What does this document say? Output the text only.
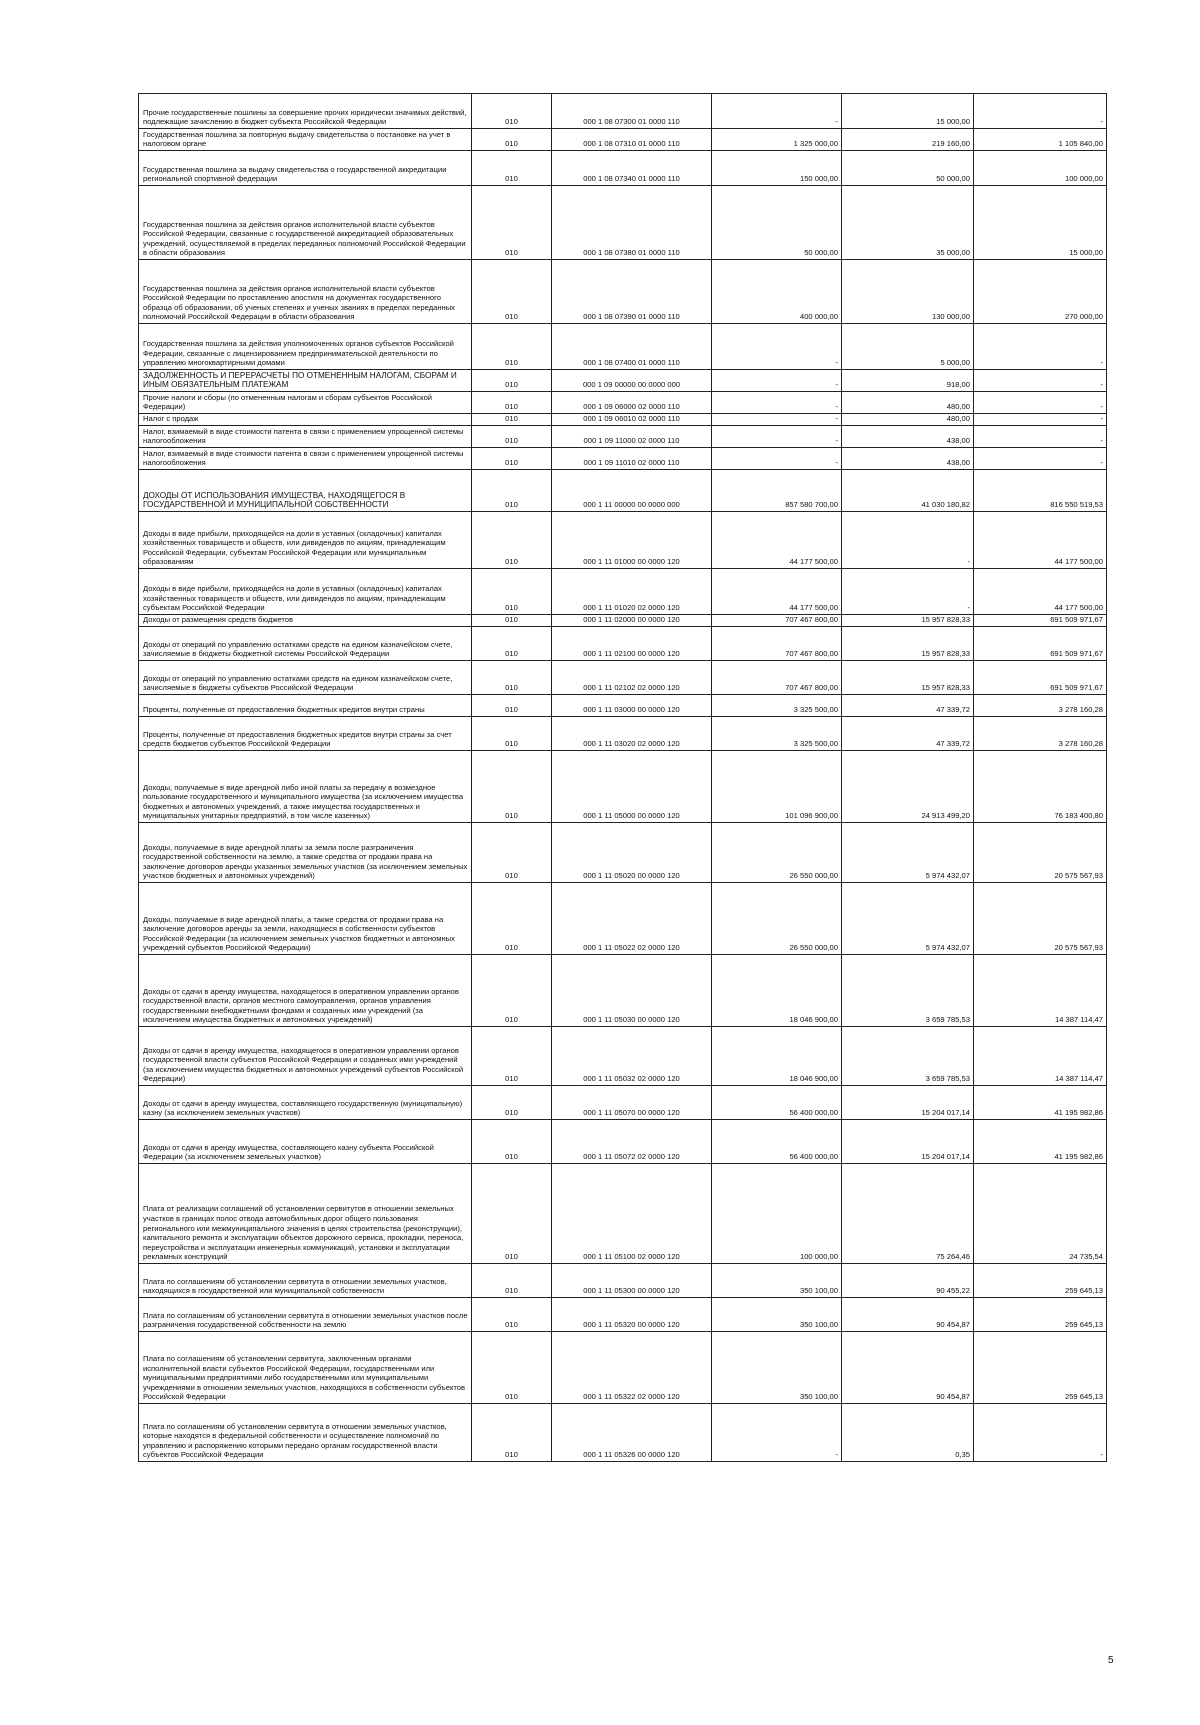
Прочие государственные пошлины за совершение прочих юридически значимых действий, подлежащие зачислению в бюджет субъекта Российской Федерации	010	000 1 08 07300 01 0000 110	-	15 000,00	-
Государственная пошлина за повторную выдачу свидетельства о постановке на учет в налоговом органе	010	000 1 08 07310 01 0000 110	1 325 000,00	219 160,00	1 105 840,00
Государственная пошлина за выдачу свидетельства о государственной аккредитации региональной спортивной федерации	010	000 1 08 07340 01 0000 110	150 000,00	50 000,00	100 000,00
Государственная пошлина за действия органов исполнительной власти субъектов Российской Федерации, связанные с государственной аккредитацией образовательных учреждений, осуществляемой в пределах переданных полномочий Российской Федерации в области образования	010	000 1 08 07380 01 0000 110	50 000,00	35 000,00	15 000,00
Государственная пошлина за действия органов исполнительной власти субъектов Российской Федерации по проставлению апостиля на документах государственного образца об образовании, об ученых степенях и ученых званиях в пределах переданных полномочий Российской Федерации в области образования	010	000 1 08 07390 01 0000 110	400 000,00	130 000,00	270 000,00
Государственная пошлина за действия уполномоченных органов субъектов Российской Федерации, связанные с лицензированием предпринимательской деятельности по управлению многоквартирными домами	010	000 1 08 07400 01 0000 110	-	5 000,00	-
ЗАДОЛЖЕННОСТЬ И ПЕРЕРАСЧЕТЫ ПО ОТМЕНЕННЫМ НАЛОГАМ, СБОРАМ И ИНЫМ ОБЯЗАТЕЛЬНЫМ ПЛАТЕЖАМ	010	000 1 09 00000 00 0000 000	-	918,00	-
Прочие налоги и сборы (по отмененным налогам и сборам субъектов Российской Федерации)	010	000 1 09 06000 02 0000 110	-	480,00	-
Налог с продаж	010	000 1 09 06010 02 0000 110	-	480,00	-
Налог, взимаемый в виде стоимости патента в связи с применением упрощенной системы налогообложения	010	000 1 09 11000 02 0000 110	-	438,00	-
Налог, взимаемый в виде стоимости патента в связи с применением упрощенной системы налогообложения	010	000 1 09 11010 02 0000 110	-	438,00	-
ДОХОДЫ ОТ ИСПОЛЬЗОВАНИЯ ИМУЩЕСТВА, НАХОДЯЩЕГОСЯ В ГОСУДАРСТВЕННОЙ И МУНИЦИПАЛЬНОЙ СОБСТВЕННОСТИ	010	000 1 11 00000 00 0000 000	857 580 700,00	41 030 180,82	816 550 519,53
Доходы в виде прибыли, приходящейся на доли в уставных (складочных) капиталах хозяйственных товариществ и обществ, или дивидендов по акциям, принадлежащим Российской Федерации, субъектам Российской Федерации или муниципальным образованиям	010	000 1 11 01000 00 0000 120	44 177 500,00	-	44 177 500,00
Доходы в виде прибыли, приходящейся на доли в уставных (складочных) капиталах хозяйственных товариществ и обществ, или дивидендов по акциям, принадлежащим субъектам Российской Федерации	010	000 1 11 01020 02 0000 120	44 177 500,00	-	44 177 500,00
Доходы от размещения средств бюджетов	010	000 1 11 02000 00 0000 120	707 467 800,00	15 957 828,33	691 509 971,67
Доходы от операций по управлению остатками средств на едином казначейском счете, зачисляемые в бюджеты бюджетной системы Российской Федерации	010	000 1 11 02100 00 0000 120	707 467 800,00	15 957 828,33	691 509 971,67
Доходы от операций по управлению остатками средств на едином казначейском счете, зачисляемые в бюджеты субъектов Российской Федерации	010	000 1 11 02102 02 0000 120	707 467 800,00	15 957 828,33	691 509 971,67
Проценты, полученные от предоставления бюджетных кредитов внутри страны	010	000 1 11 03000 00 0000 120	3 325 500,00	47 339,72	3 278 160,28
Проценты, полученные от предоставления бюджетных кредитов внутри страны за счет средств бюджетов субъектов Российской Федерации	010	000 1 11 03020 02 0000 120	3 325 500,00	47 339,72	3 278 160,28
Доходы, получаемые в виде арендной либо иной платы за передачу в возмездное пользование государственного и муниципального имущества (за исключением имущества бюджетных и автономных учреждений, а также имущества государственных и муниципальных унитарных предприятий, в том числе казенных)	010	000 1 11 05000 00 0000 120	101 096 900,00	24 913 499,20	76 183 400,80
Доходы, получаемые в виде арендной платы за земли после разграничения государственной собственности на землю, а также средства от продажи права на заключение договоров аренды указанных земельных участков (за исключением земельных участков бюджетных и автономных учреждений)	010	000 1 11 05020 00 0000 120	26 550 000,00	5 974 432,07	20 575 567,93
Доходы, получаемые в виде арендной платы, а также средства от продажи права на заключение договоров аренды за земли, находящиеся в собственности субъектов Российской Федерации (за исключением земельных участков бюджетных и автономных учреждений субъектов Российской Федерации)	010	000 1 11 05022 02 0000 120	26 550 000,00	5 974 432,07	20 575 567,93
Доходы от сдачи в аренду имущества, находящегося в оперативном управлении органов государственной власти, органов местного самоуправления, органов управления государственными внебюджетными фондами и созданных ими учреждений (за исключением имущества бюджетных и автономных учреждений)	010	000 1 11 05030 00 0000 120	18 046 900,00	3 659 785,53	14 387 114,47
Доходы от сдачи в аренду имущества, находящегося в оперативном управлении органов государственной власти субъектов Российской Федерации и созданных ими учреждений (за исключением имущества бюджетных и автономных учреждений субъектов Российской Федерации)	010	000 1 11 05032 02 0000 120	18 046 900,00	3 659 785,53	14 387 114,47
Доходы от сдачи в аренду имущества, составляющего государственную (муниципальную) казну (за исключением земельных участков)	010	000 1 11 05070 00 0000 120	56 400 000,00	15 204 017,14	41 195 982,86
Доходы от сдачи в аренду имущества, составляющего казну субъекта Российской Федерации (за исключением земельных участков)	010	000 1 11 05072 02 0000 120	56 400 000,00	15 204 017,14	41 195 982,86
Плата от реализации соглашений об установлении сервитутов в отношении земельных участков в границах полос отвода автомобильных дорог общего пользования регионального или межмуниципального значения в целях строительства (реконструкции), капитального ремонта и эксплуатации объектов дорожного сервиса, прокладки, переноса, переустройства и эксплуатации инженерных коммуникаций, установки и эксплуатации рекламных конструкций	010	000 1 11 05100 02 0000 120	100 000,00	75 264,46	24 735,54
Плата по соглашениям об установлении сервитута в отношении земельных участков, находящихся в государственной или муниципальной собственности	010	000 1 11 05300 00 0000 120	350 100,00	90 455,22	259 645,13
Плата по соглашениям об установлении сервитута в отношении земельных участков после разграничения государственной собственности на землю	010	000 1 11 05320 00 0000 120	350 100,00	90 454,87	259 645,13
Плата по соглашениям об установлении сервитута, заключенным органами исполнительной власти субъектов Российской Федерации, государственными или муниципальными предприятиями либо государственными или муниципальными учреждениями в отношении земельных участков, находящихся в собственности субъектов Российской Федерации	010	000 1 11 05322 02 0000 120	350 100,00	90 454,87	259 645,13
Плата по соглашениям об установлении сервитута в отношении земельных участков, которые находятся в федеральной собственности и осуществление полномочий по управлению и распоряжению которыми передано органам государственной власти субъектов Российской Федерации	010	000 1 11 05326 00 0000 120	-	0,35	-
5
